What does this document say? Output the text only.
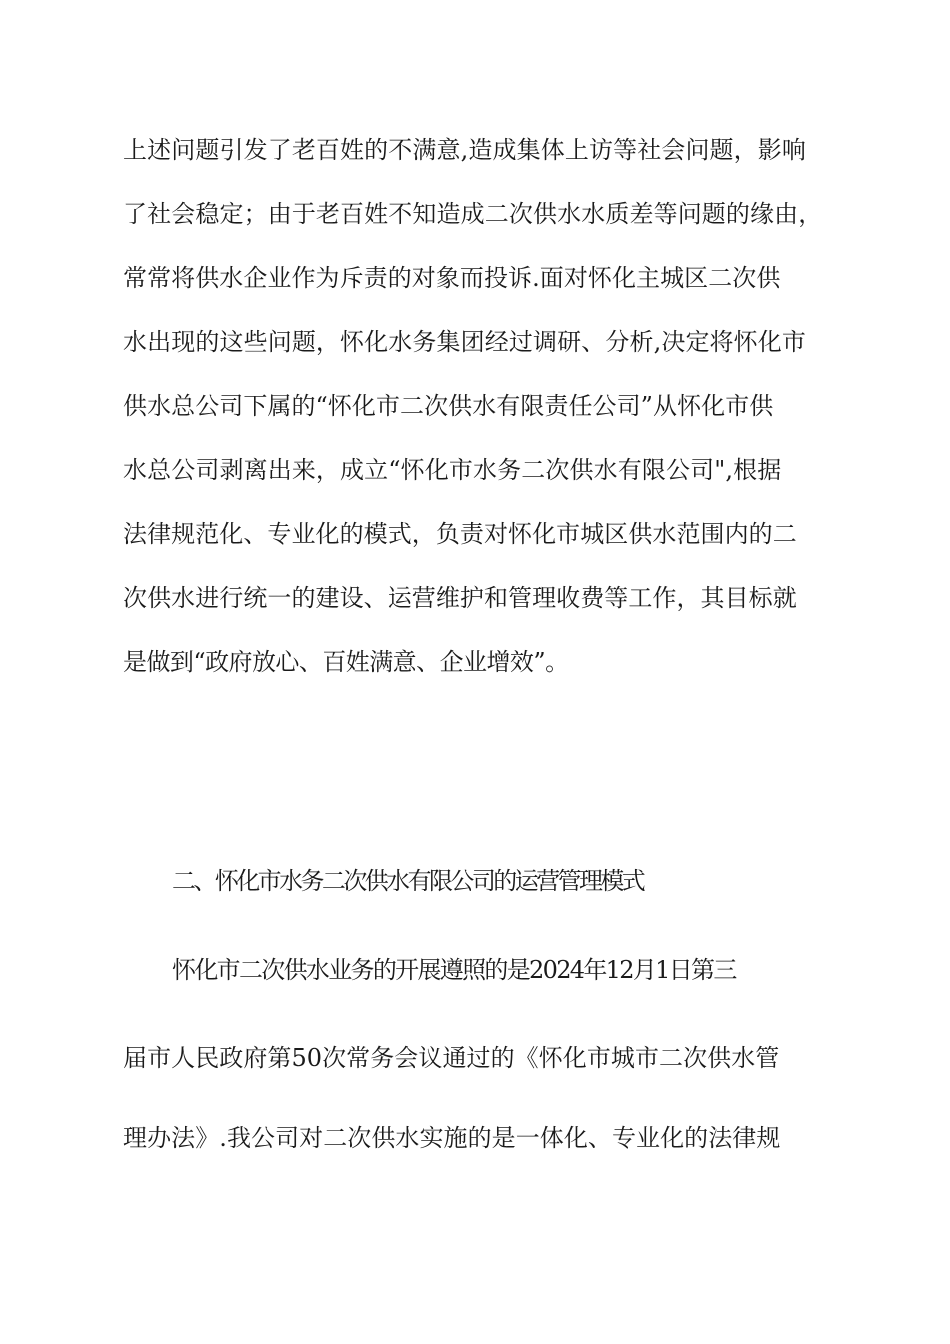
上述问题引发了老百姓的不满意,造成集体上访等社会问题，影响
了社会稳定；由于老百姓不知造成二次供水水质差等问题的缘由，
常常将供水企业作为斥责的对象而投诉.面对怀化主城区二次供
水出现的这些问题，怀化水务集团经过调研、分析,决定将怀化市
供水总公司下属的“怀化市二次供水有限责任公司”从怀化市供
水总公司剥离出来，成立“怀化市水务二次供水有限公司",根据
法律规范化、专业化的模式，负责对怀化市城区供水范围内的二
次供水进行统一的建设、运营维护和管理收费等工作，其目标就
是做到“政府放心、百姓满意、企业增效”。
二、怀化市水务二次供水有限公司的运营管理模式
怀化市二次供水业务的开展遵照的是2024年12月1日第三
届市人民政府第50次常务会议通过的《怀化市城市二次供水管
理办法》.我公司对二次供水实施的是一体化、专业化的法律规
